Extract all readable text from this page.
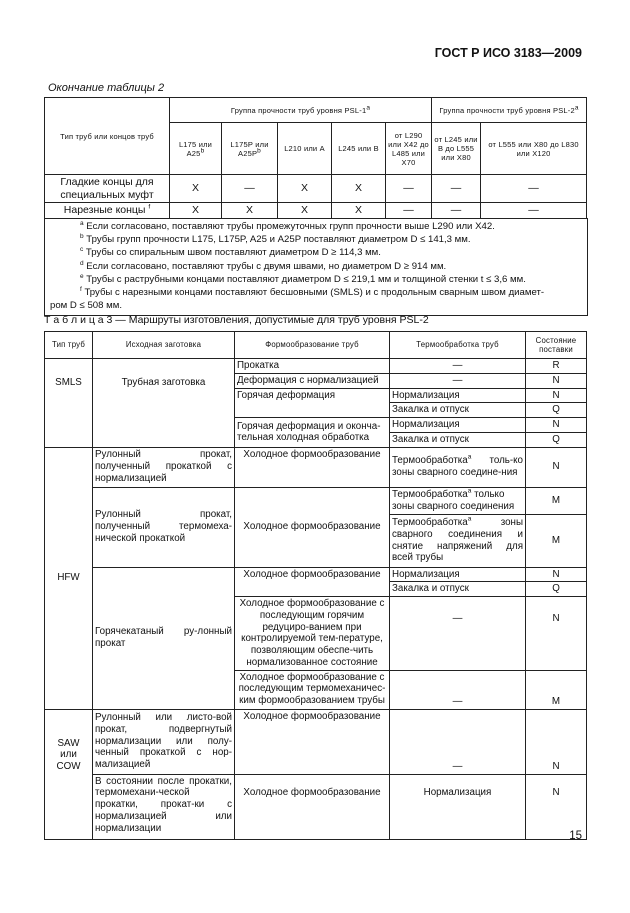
ГОСТ Р ИСО 3183—2009
Окончание таблицы 2
Тип труб или концов труб	Группа прочности труб уровня PSL-1$^a$					Группа прочности труб уровня PSL-2$^a$
	L175 или A25$^b$	L175P или $A25P^b$	L210 или A	L245 или B	от L290 или X42 до L485 или X70	от L245 или B до L555 или X80	от L555 или X80 до L830 или X120
Гладкие концы для специальных муфт	X	—	X	X	—	—	—
Нарезные концы $^f$	X	X	X	X	—	—	—
$^a$ Если согласовано, поставляют трубы промежуточных групп прочности выше L290 или X42.
$^b$ Трубы групп прочности L175, L175P, A25 и A25P поставляют диаметром D ≤ 141,3 мм.
$^c$ Трубы со спиральным швом поставляют диаметром D ≥ 114,3 мм.
$^d$ Если согласовано, поставляют трубы с двумя швами, но диаметром D ≥ 914 мм.
$^e$ Трубы с раструбными концами поставляют диаметром D ≤ 219,1 мм и толщиной стенки t ≤ 3,6 мм.
$^f$ Трубы с нарезными концами поставляют бесшовными (SMLS) и с продольным сварным швом диамет-
ром D ≤ 508 мм.
Т а б л и ц а 3 — Маршруты изготовления, допустимые для труб уровня PSL-2
Тип труб	Исходная заготовка	Формообразование труб	Термообработка труб	Состояние поставки
SMLS	Трубная заготовка	Прокатка	—	R
		Деформация с нормализацией	—	N
		Горячая деформация	Нормализация	N
			Закалка и отпуск	Q
		Горячая деформация и оконча-тельная холодная обработка	Нормализация	N
			Закалка и отпуск	Q
HFW	Рулонный прокат, полученный прокаткой с нормализацией	Холодное формообразование	Термообработка$^a$ толь-ко зоны сварного соедине-ния	N
	Рулонный прокат, полученный термомеха-нической прокаткой	Холодное формообразование	Термообработка$^a$ только зоны сварного соединения	M
			Термообработка$^a$ зоны сварного соединения и снятие напряжений для всей трубы	M
	Горячекатаный ру-лонный прокат	Холодное формообразование	Нормализация	N
			Закалка и отпуск	Q
		Холодное формообразование с последующим горячим редуциро-ванием при контролируемой тем-пературе, позволяющим обеспе-чить нормализованное состояние	—	N
		Холодное формообразование с последующим термомеханичес-ким формообразованием трубы	—	M

SAW
или
COW	Рулонный или листо-вой прокат, подвергнутый нормализации или полу-ченный прокаткой с нор-мализацией	Холодное формообразование	—	N
	В состоянии после прокатки, термомехани-ческой прокатки, прокат-ки с нормализацией или нормализации	Холодное формообразование	Нормализация	N
15
